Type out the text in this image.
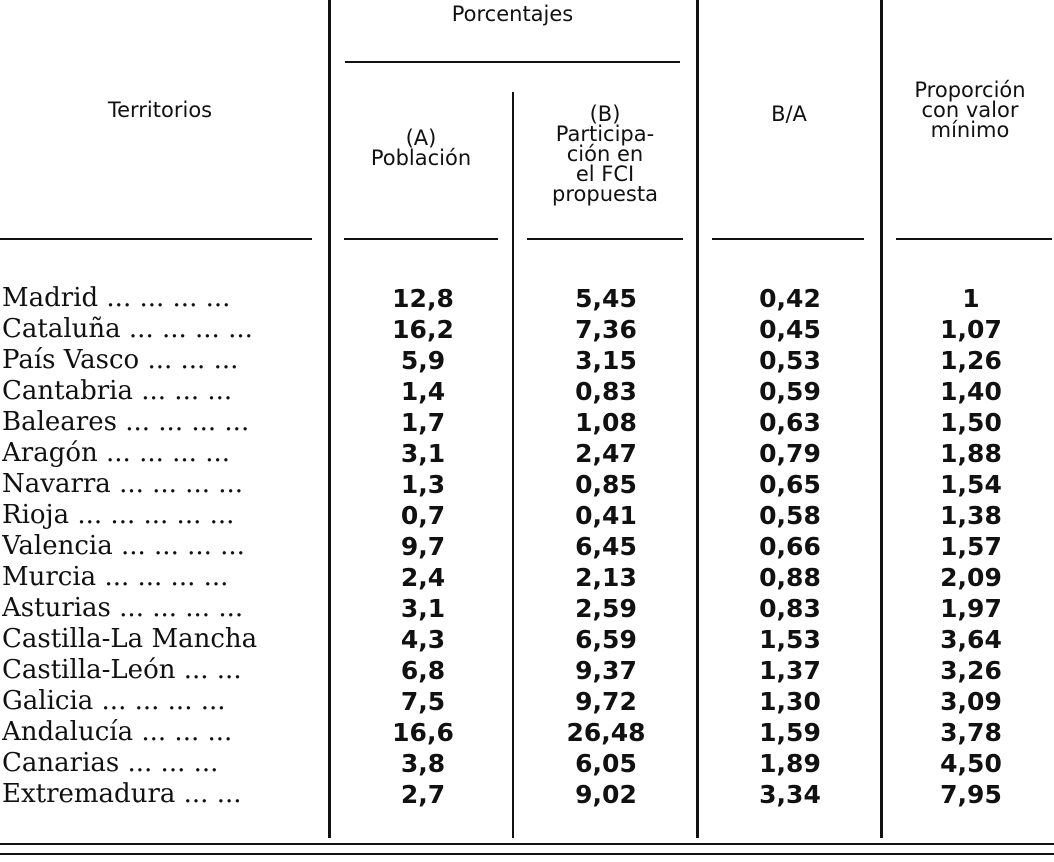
Territorios
Porcentajes
(A)
Población
(B)
Participa-
ción en
el FCI
propuesta
B/A
Proporción
con valor
mínimo
Madrid ... ... ... ...	12,8	5,45	0,42	1
Cataluña ... ... ... ...	16,2	7,36	0,45	1,07
País Vasco ... ... ...	5,9	3,15	0,53	1,26
Cantabria ... ... ...	1,4	0,83	0,59	1,40
Baleares ... ... ... ...	1,7	1,08	0,63	1,50
Aragón ... ... ... ...	3,1	2,47	0,79	1,88
Navarra ... ... ... ...	1,3	0,85	0,65	1,54
Rioja ... ... ... ... ...	0,7	0,41	0,58	1,38
Valencia ... ... ... ...	9,7	6,45	0,66	1,57
Murcia ... ... ... ...	2,4	2,13	0,88	2,09
Asturias ... ... ... ...	3,1	2,59	0,83	1,97
Castilla-La Mancha	4,3	6,59	1,53	3,64
Castilla-León ... ...	6,8	9,37	1,37	3,26
Galicia ... ... ... ...	7,5	9,72	1,30	3,09
Andalucía ... ... ...	16,6	26,48	1,59	3,78
Canarias ... ... ...	3,8	6,05	1,89	4,50
Extremadura ... ...	2,7	9,02	3,34	7,95
